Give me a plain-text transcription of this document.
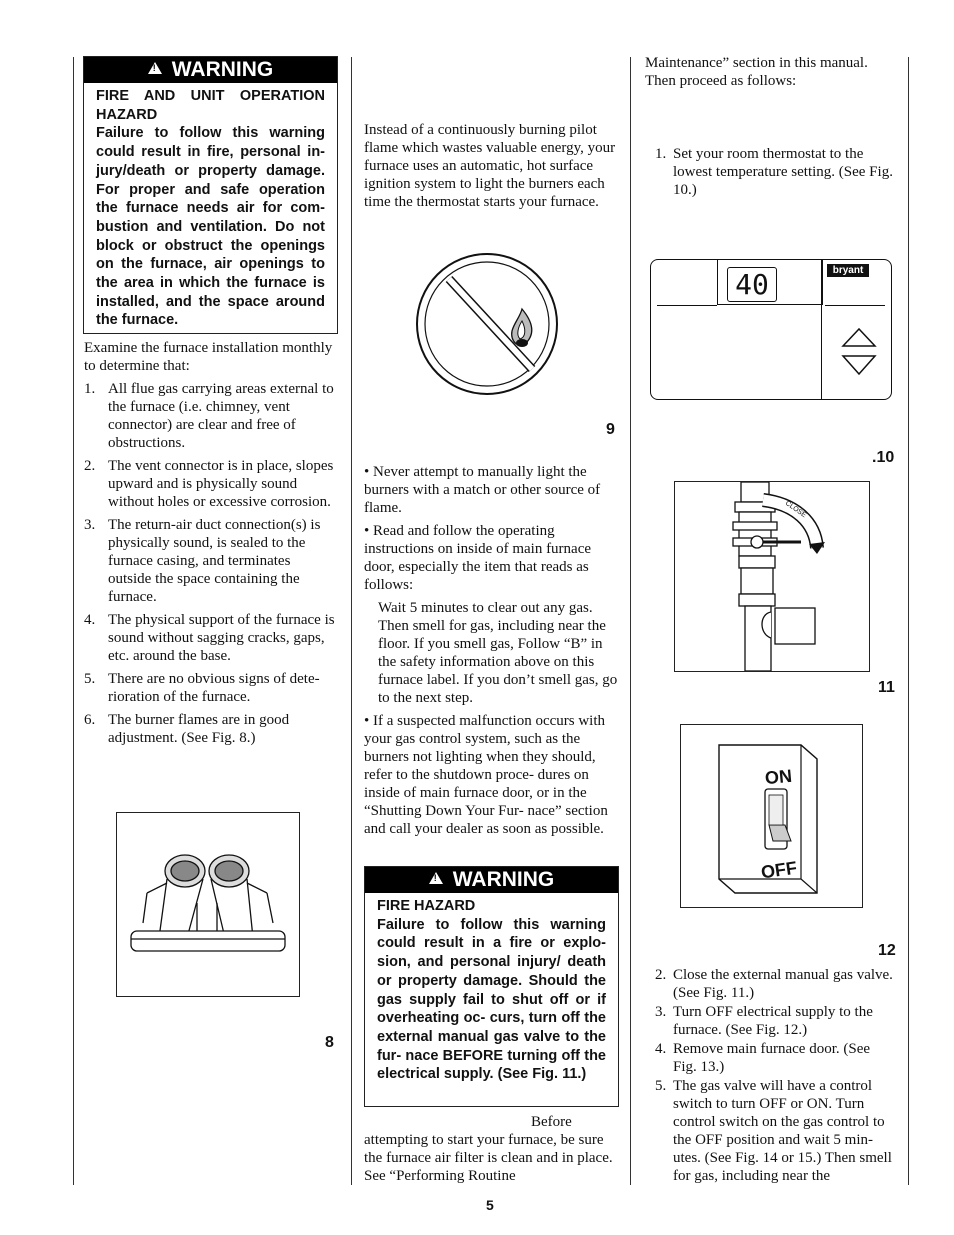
!WARNING
FIRE AND UNIT OPERATION HAZARD
Failure to follow this warning could result in fire, personal in- jury/death or property damage. For proper and safe operation the furnace needs air for com- bustion and ventilation. Do not block or obstruct the openings on the furnace, air openings to the area in which the furnace is installed, and the space around the furnace.

Examine the furnace installation monthly to determine that:

1. All flue gas carrying areas external to the furnace (i.e. chimney, vent connector) are clear and free of obstructions.
2. The vent connector is in place, slopes upward and is physically sound without holes or excessive corrosion.
3. The return-air duct connection(s) is physically sound, is sealed to the furnace casing, and terminates outside the space containing the furnace.
4. The physical support of the furnace is sound without sagging cracks, gaps, etc. around the base.
5. There are no obvious signs of dete- rioration of the furnace.
6. The burner flames are in good adjustment. (See Fig. 8.)
8

Instead of a continuously burning pilot flame which wastes valuable energy, your furnace uses an automatic, hot surface ignition system to light the burners each time the thermostat starts your furnace.

9

• Never attempt to manually light the burners with a match or other source of flame.

• Read and follow the operating instructions on inside of main furnace door, especially the item that reads as follows:

Wait 5 minutes to clear out any gas. Then smell for gas, including near the floor. If you smell gas, Follow “B” in the safety information above on this furnace label. If you don’t smell gas, go to the next step.

• If a suspected malfunction occurs with your gas control system, such as the burners not lighting when they should, refer to the shutdown proce- dures on inside of main furnace door, or in the “Shutting Down Your Fur- nace” section and call your dealer as soon as possible.

!WARNING
FIRE HAZARD
Failure to follow this warning could result in a fire or explo- sion, and personal injury/ death or property damage. Should the gas supply fail to shut off or if overheating oc- curs, turn off the external manual gas valve to the fur- nace BEFORE turning off the electrical supply. (See Fig. 11.)
Before

attempting to start your furnace, be sure the furnace air filter is clean and in place. See “Performing Routine

Maintenance” section in this manual. Then proceed as follows:

1. Set your room thermostat to the lowest temperature setting. (See Fig. 10.)
40	bryant
.10
CLOSE
11
ON
OFF
12
2. Close the external manual gas valve. (See Fig. 11.)
3. Turn OFF electrical supply to the furnace. (See Fig. 12.)
4. Remove main furnace door. (See Fig. 13.)
5. The gas valve will have a control switch to turn OFF or ON. Turn control switch on the gas control to the OFF position and wait 5 min- utes. (See Fig. 14 or 15.) Then smell for gas, including near the
5
